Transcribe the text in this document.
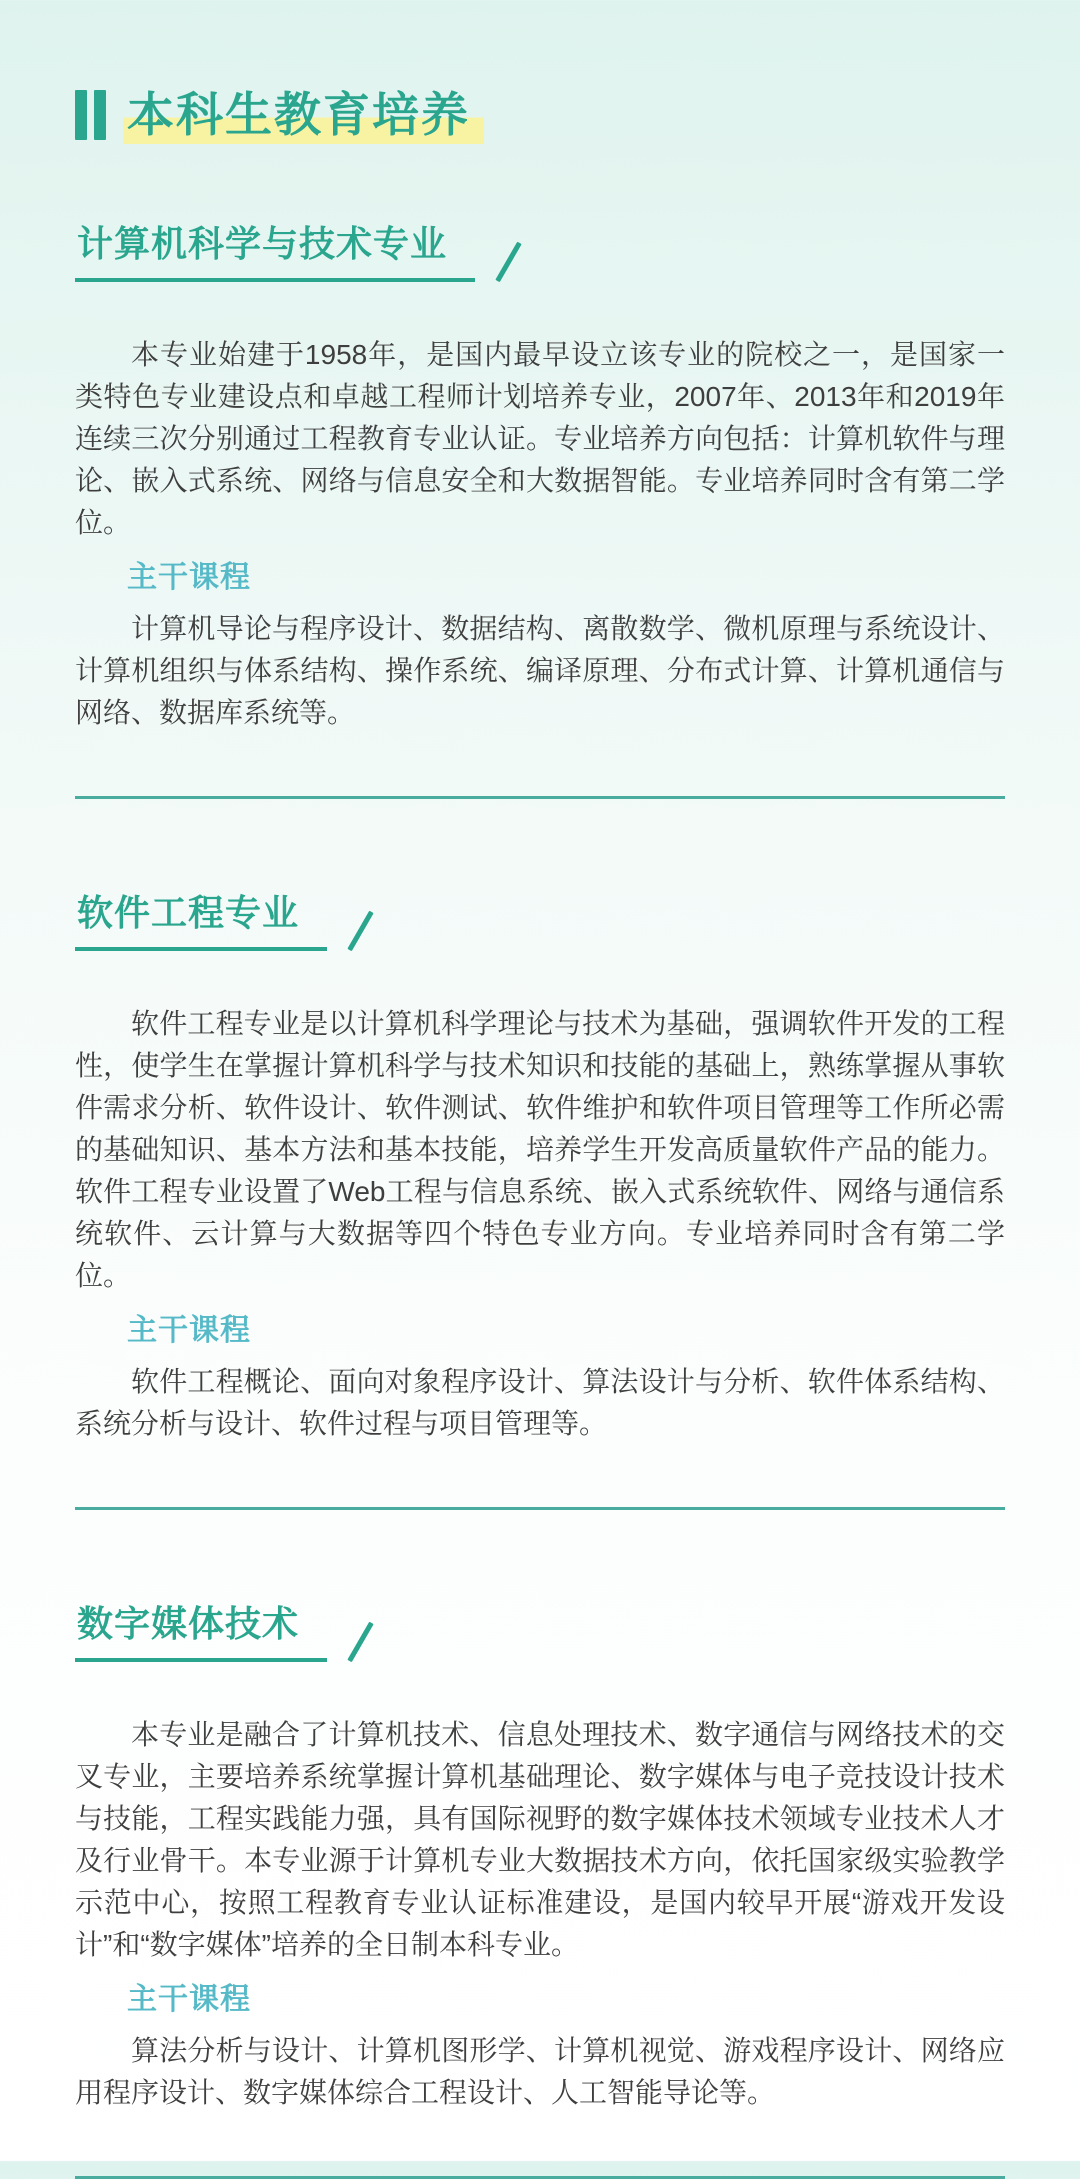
本科生教育培养
计算机科学与技术专业

本专业始建于1958年，是国内最早设立该专业的院校之一，是国家一类特色专业建设点和卓越工程师计划培养专业，2007年、2013年和2019年连续三次分别通过工程教育专业认证。专业培养方向包括：计算机软件与理论、嵌入式系统、网络与信息安全和大数据智能。专业培养同时含有第二学位。

主干课程

计算机导论与程序设计、数据结构、离散数学、微机原理与系统设计、计算机组织与体系结构、操作系统、编译原理、分布式计算、计算机通信与网络、数据库系统等。

软件工程专业

软件工程专业是以计算机科学理论与技术为基础，强调软件开发的工程性，使学生在掌握计算机科学与技术知识和技能的基础上，熟练掌握从事软件需求分析、软件设计、软件测试、软件维护和软件项目管理等工作所必需的基础知识、基本方法和基本技能，培养学生开发高质量软件产品的能力。软件工程专业设置了Web工程与信息系统、嵌入式系统软件、网络与通信系统软件、云计算与大数据等四个特色专业方向。专业培养同时含有第二学位。

主干课程

软件工程概论、面向对象程序设计、算法设计与分析、软件体系结构、系统分析与设计、软件过程与项目管理等。

数字媒体技术

本专业是融合了计算机技术、信息处理技术、数字通信与网络技术的交叉专业，主要培养系统掌握计算机基础理论、数字媒体与电子竞技设计技术与技能，工程实践能力强，具有国际视野的数字媒体技术领域专业技术人才及行业骨干。本专业源于计算机专业大数据技术方向，依托国家级实验教学示范中心，按照工程教育专业认证标准建设，是国内较早开展“游戏开发设计”和“数字媒体”培养的全日制本科专业。

主干课程

算法分析与设计、计算机图形学、计算机视觉、游戏程序设计、网络应用程序设计、数字媒体综合工程设计、人工智能导论等。
